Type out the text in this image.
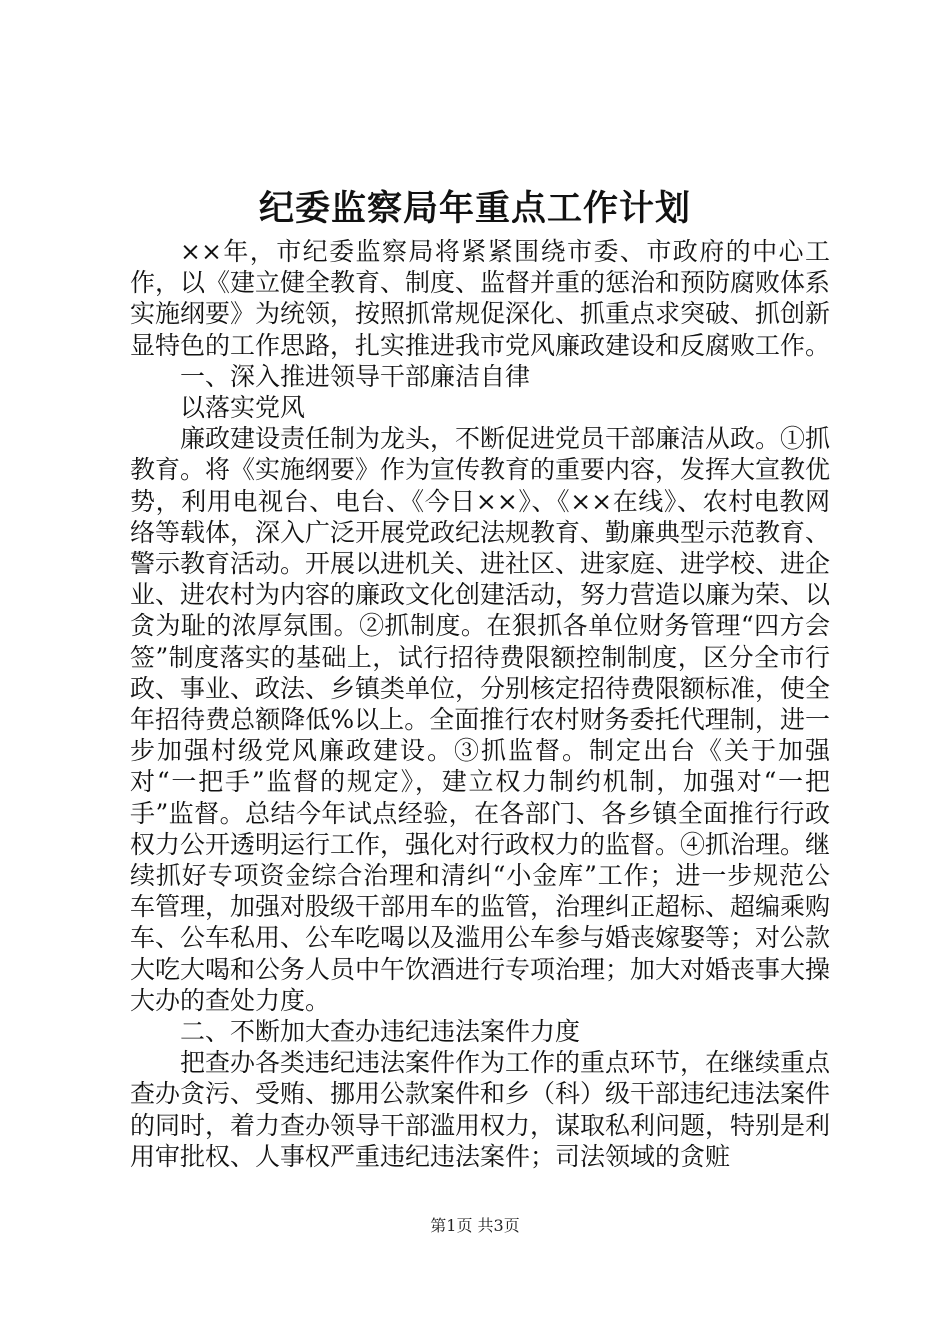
纪委监察局年重点工作计划

××年，市纪委监察局将紧紧围绕市委、市政府的中心工作，以《建立健全教育、制度、监督并重的惩治和预防腐败体系实施纲要》为统领，按照抓常规促深化、抓重点求突破、抓创新显特色的工作思路，扎实推进我市党风廉政建设和反腐败工作。

一、深入推进领导干部廉洁自律

以落实党风

廉政建设责任制为龙头，不断促进党员干部廉洁从政。①抓教育。将《实施纲要》作为宣传教育的重要内容，发挥大宣教优势，利用电视台、电台、《今日××》、《××在线》、农村电教网络等载体，深入广泛开展党政纪法规教育、勤廉典型示范教育、警示教育活动。开展以进机关、进社区、进家庭、进学校、进企业、进农村为内容的廉政文化创建活动，努力营造以廉为荣、以贪为耻的浓厚氛围。②抓制度。在狠抓各单位财务管理“四方会签”制度落实的基础上，试行招待费限额控制制度，区分全市行政、事业、政法、乡镇类单位，分别核定招待费限额标准，使全年招待费总额降低%以上。全面推行农村财务委托代理制，进一步加强村级党风廉政建设。③抓监督。制定出台《关于加强对“一把手”监督的规定》，建立权力制约机制，加强对“一把手”监督。总结今年试点经验，在各部门、各乡镇全面推行行政权力公开透明运行工作，强化对行政权力的监督。④抓治理。继续抓好专项资金综合治理和清纠“小金库”工作；进一步规范公车管理，加强对股级干部用车的监管，治理纠正超标、超编乘购车、公车私用、公车吃喝以及滥用公车参与婚丧嫁娶等；对公款大吃大喝和公务人员中午饮酒进行专项治理；加大对婚丧事大操大办的查处力度。

二、不断加大查办违纪违法案件力度

把查办各类违纪违法案件作为工作的重点环节，在继续重点查办贪污、受贿、挪用公款案件和乡（科）级干部违纪违法案件的同时，着力查办领导干部滥用权力，谋取私利问题，特别是利用审批权、人事权严重违纪违法案件；司法领域的贪赃

第1页 共3页
